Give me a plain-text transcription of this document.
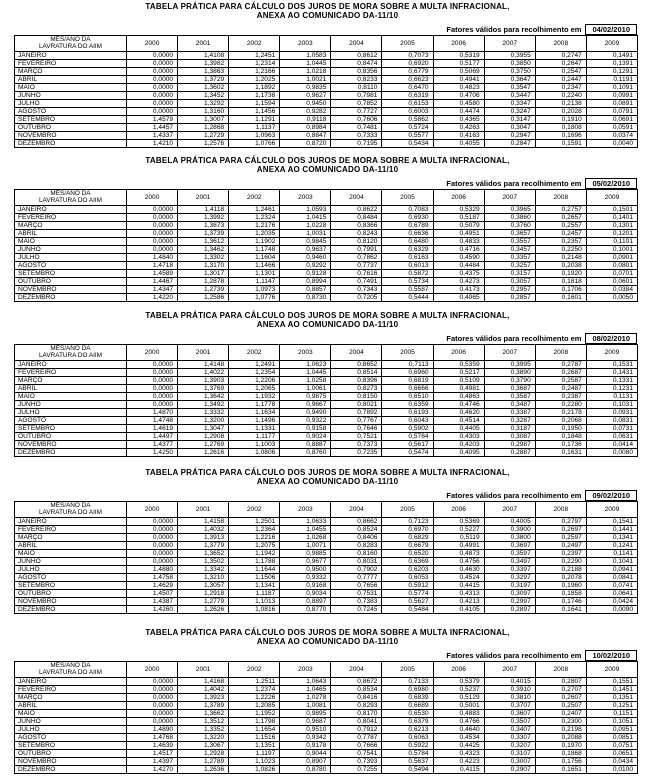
TABELA PRÁTICA PARA CÁLCULO DOS JUROS DE MORA SOBRE A MULTA INFRACIONAL,
ANEXA AO COMUNICADO DA-11/10
Fatores válidos para recolhimento em	04/02/2010
MÊS/ANO DA
LAVRATURA DO AIIM	2000	2001	2002	2003	2004	2005	2006	2007	2008	2009
JANEIRO	0,0000	1,4108	1,2451	1,0583	0,8612	0,7073	0,5319	0,3955	0,2747	0,1491
FEVEREIRO	0,0000	1,3982	1,2314	1,0445	0,8474	0,6920	0,5177	0,3850	0,2647	0,1391
MARÇO	0,0000	1,3863	1,2166	1,0218	0,8356	0,6779	0,5069	0,3750	0,2547	0,1291
ABRIL	0,0000	1,3729	1,2025	1,0021	0,8233	0,6623	0,4941	0,3647	0,2447	0,1191
MAIO	0,0000	1,3602	1,1892	0,9835	0,8110	0,6470	0,4823	0,3547	0,2347	0,1091
JUNHO	0,0000	1,3452	1,1738	0,9627	0,7981	0,6319	0,4706	0,3447	0,2240	0,0991
JULHO	0,0000	1,3292	1,1594	0,9450	0,7852	0,6153	0,4580	0,3347	0,2138	0,0891
AGOSTO	0,0000	1,3160	1,1456	0,9282	0,7727	0,6003	0,4474	0,3247	0,2028	0,0791
SETEMBRO	1,4579	1,3007	1,1291	0,9118	0,7606	0,5862	0,4365	0,3147	0,1910	0,0691
OUTUBRO	1,4457	1,2868	1,1137	0,8984	0,7481	0,5724	0,4263	0,3047	0,1808	0,0591
NOVEMBRO	1,4337	1,2729	1,0963	0,8847	0,7333	0,5577	0,4163	0,2947	0,1696	0,0374
DEZEMBRO	1,4210	1,2576	1,0766	0,8720	0,7195	0,5434	0,4055	0,2847	0,1591	0,0040
TABELA PRÁTICA PARA CÁLCULO DOS JUROS DE MORA SOBRE A MULTA INFRACIONAL,
ANEXA AO COMUNICADO DA-11/10
Fatores válidos para recolhimento em	05/02/2010
MÊS/ANO DA
LAVRATURA DO AIIM	2000	2001	2002	2003	2004	2005	2006	2007	2008	2009
JANEIRO	0,0000	1,4118	1,2461	1,0593	0,8622	0,7083	0,5329	0,3965	0,2757	0,1501
FEVEREIRO	0,0000	1,3992	1,2324	1,0415	0,8484	0,6930	0,5187	0,3860	0,2657	0,1401
MARÇO	0,0000	1,3873	1,2176	1,0228	0,8366	0,6789	0,5079	0,3760	0,2557	0,1301
ABRIL	0,0000	1,3739	1,2035	1,0031	0,8243	0,6636	0,4951	0,3657	0,2457	0,1201
MAIO	0,0000	1,3612	1,1902	0,9845	0,8120	0,6480	0,4833	0,3557	0,2357	0,1101
JUNHO	0,0000	1,3462	1,1748	0,9637	0,7991	0,6329	0,4716	0,3457	0,2250	0,1001
JULHO	1,4840	1,3302	1,1604	0,9460	0,7862	0,6163	0,4590	0,3357	0,2148	0,0901
AGOSTO	1,4718	1,3170	1,1466	0,9292	0,7737	0,6013	0,4484	0,3257	0,2038	0,0801
SETEMBRO	1,4589	1,3017	1,1301	0,9128	0,7616	0,5872	0,4375	0,3157	0,1920	0,0701
OUTUBRO	1,4467	1,2878	1,1147	0,8994	0,7491	0,5734	0,4273	0,3057	0,1818	0,0601
NOVEMBRO	1,4347	1,2739	1,0973	0,8857	0,7343	0,5587	0,4173	0,2957	0,1706	0,0384
DEZEMBRO	1,4220	1,2586	1,0776	0,8730	0,7205	0,5444	0,4065	0,2857	0,1601	0,0050
TABELA PRÁTICA PARA CÁLCULO DOS JUROS DE MORA SOBRE A MULTA INFRACIONAL,
ANEXA AO COMUNICADO DA-11/10
Fatores válidos para recolhimento em	08/02/2010
MÊS/ANO DA
LAVRATURA DO AIIM	2000	2001	2002	2003	2004	2005	2006	2007	2008	2009
JANEIRO	0,0000	1,4148	1,2491	1,0623	0,8652	0,7113	0,5359	0,3995	0,2787	0,1531
FEVEREIRO	0,0000	1,4022	1,2354	1,0445	0,8514	0,6960	0,5217	0,3890	0,2687	0,1431
MARÇO	0,0000	1,3903	1,2206	1,0258	0,8396	0,6819	0,5109	0,3790	0,2587	0,1331
ABRIL	0,0000	1,3769	1,2065	1,0061	0,8273	0,6666	0,4981	0,3687	0,2487	0,1231
MAIO	0,0000	1,3642	1,1932	0,9875	0,8150	0,6510	0,4863	0,3587	0,2387	0,1131
JUNHO	0,0000	1,3492	1,1778	0,9667	0,8021	0,6359	0,4746	0,3487	0,2280	0,1031
JULHO	1,4870	1,3332	1,1634	0,9490	0,7892	0,6193	0,4620	0,3387	0,2178	0,0931
AGOSTO	1,4748	1,3200	1,1496	0,9322	0,7767	0,6043	0,4514	0,3287	0,2068	0,0831
SETEMBRO	1,4619	1,3047	1,1331	0,9158	0,7646	0,5902	0,4405	0,3187	0,1950	0,0731
OUTUBRO	1,4497	1,2908	1,1177	0,9024	0,7521	0,5764	0,4303	0,3087	0,1848	0,0631
NOVEMBRO	1,4377	1,2769	1,1003	0,8887	0,7373	0,5617	0,4203	0,2987	0,1736	0,0414
DEZEMBRO	1,4250	1,2616	1,0806	0,8760	0,7235	0,5474	0,4095	0,2887	0,1631	0,0080
TABELA PRÁTICA PARA CÁLCULO DOS JUROS DE MORA SOBRE A MULTA INFRACIONAL,
ANEXA AO COMUNICADO DA-11/10
Fatores válidos para recolhimento em	09/02/2010
MÊS/ANO DA
LAVRATURA DO AIIM	2000	2001	2002	2003	2004	2005	2006	2007	2008	2009
JANEIRO	0,0000	1,4158	1,2501	1,0633	0,8662	0,7123	0,5369	0,4005	0,2797	0,1541
FEVEREIRO	0,0000	1,4032	1,2364	1,0455	0,8524	0,6970	0,5227	0,3900	0,2697	0,1441
MARÇO	0,0000	1,3913	1,2216	1,0268	0,8406	0,6829	0,5119	0,3800	0,2597	0,1341
ABRIL	0,0000	1,3779	1,2075	1,0071	0,8283	0,6679	0,4991	0,3697	0,2497	0,1241
MAIO	0,0000	1,3652	1,1942	0,9885	0,8160	0,6520	0,4873	0,3597	0,2397	0,1141
JUNHO	0,0000	1,3502	1,1788	0,9677	0,8031	0,6369	0,4756	0,3497	0,2290	0,1041
JULHO	1,4880	1,3342	1,1644	0,9500	0,7902	0,6203	0,4630	0,3397	0,2188	0,0941
AGOSTO	1,4758	1,3210	1,1506	0,9332	0,7777	0,6053	0,4524	0,3297	0,2078	0,0841
SETEMBRO	1,4629	1,3057	1,1341	0,9168	0,7656	0,5912	0,4415	0,3197	0,1960	0,0741
OUTUBRO	1,4507	1,2918	1,1187	0,9034	0,7531	0,5774	0,4313	0,3097	0,1858	0,0641
NOVEMBRO	1,4387	1,2779	1,1013	0,8897	0,7383	0,5627	0,4213	0,2997	0,1746	0,0424
DEZEMBRO	1,4260	1,2626	1,0816	0,8770	0,7245	0,5484	0,4105	0,2897	0,1641	0,0090
TABELA PRÁTICA PARA CÁLCULO DOS JUROS DE MORA SOBRE A MULTA INFRACIONAL,
ANEXA AO COMUNICADO DA-11/10
Fatores válidos para recolhimento em	10/02/2010
MÊS/ANO DA
LAVRATURA DO AIIM	2000	2001	2002	2003	2004	2005	2006	2007	2008	2009
JANEIRO	0,0000	1,4168	1,2511	1,0643	0,8672	0,7133	0,5379	0,4015	0,2807	0,1551
FEVEREIRO	0,0000	1,4042	1,2374	1,0465	0,8534	0,6980	0,5237	0,3910	0,2707	0,1451
MARÇO	0,0000	1,3923	1,2226	1,0278	0,8416	0,6839	0,5129	0,3810	0,2607	0,1351
ABRIL	0,0000	1,3789	1,2085	1,0081	0,8293	0,6689	0,5001	0,3707	0,2507	0,1251
MAIO	0,0000	1,3662	1,1952	0,9895	0,8170	0,6530	0,4883	0,3607	0,2407	0,1151
JUNHO	0,0000	1,3512	1,1798	0,9687	0,8041	0,6379	0,4766	0,3507	0,2300	0,1051
JULHO	1,4890	1,3352	1,1654	0,9510	0,7912	0,6213	0,4640	0,3407	0,2198	0,0951
AGOSTO	1,4768	1,3220	1,1516	0,9342	0,7787	0,6063	0,4534	0,3307	0,2088	0,0851
SETEMBRO	1,4639	1,3067	1,1351	0,9178	0,7666	0,5922	0,4425	0,3207	0,1970	0,0751
OUTUBRO	1,4517	1,2928	1,1197	0,9044	0,7541	0,5784	0,4323	0,3107	0,1868	0,0651
NOVEMBRO	1,4397	1,2789	1,1023	0,8907	0,7393	0,5637	0,4223	0,3007	0,1756	0,0434
DEZEMBRO	1,4270	1,2636	1,0826	0,8780	0,7255	0,5494	0,4115	0,2907	0,1651	0,0100
